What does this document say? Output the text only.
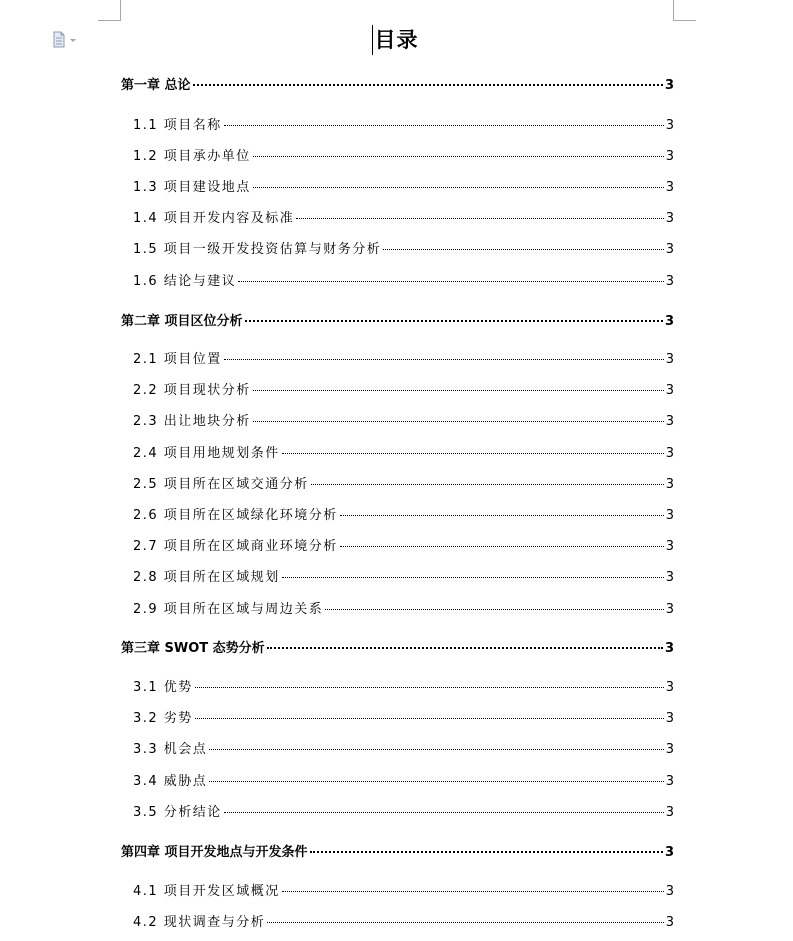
目录
第一章 总论	3
1.1 项目名称	3
1.2 项目承办单位	3
1.3 项目建设地点	3
1.4 项目开发内容及标准	3
1.5 项目一级开发投资估算与财务分析	3
1.6 结论与建议	3
第二章 项目区位分析	3
2.1 项目位置	3
2.2 项目现状分析	3
2.3 出让地块分析	3
2.4 项目用地规划条件	3
2.5 项目所在区域交通分析	3
2.6 项目所在区域绿化环境分析	3
2.7 项目所在区域商业环境分析	3
2.8 项目所在区域规划	3
2.9 项目所在区域与周边关系	3
第三章 SWOT 态势分析	3
3.1 优势	3
3.2 劣势	3
3.3 机会点	3
3.4 威胁点	3
3.5 分析结论	3
第四章 项目开发地点与开发条件	3
4.1 项目开发区域概况	3
4.2 现状调查与分析	3
